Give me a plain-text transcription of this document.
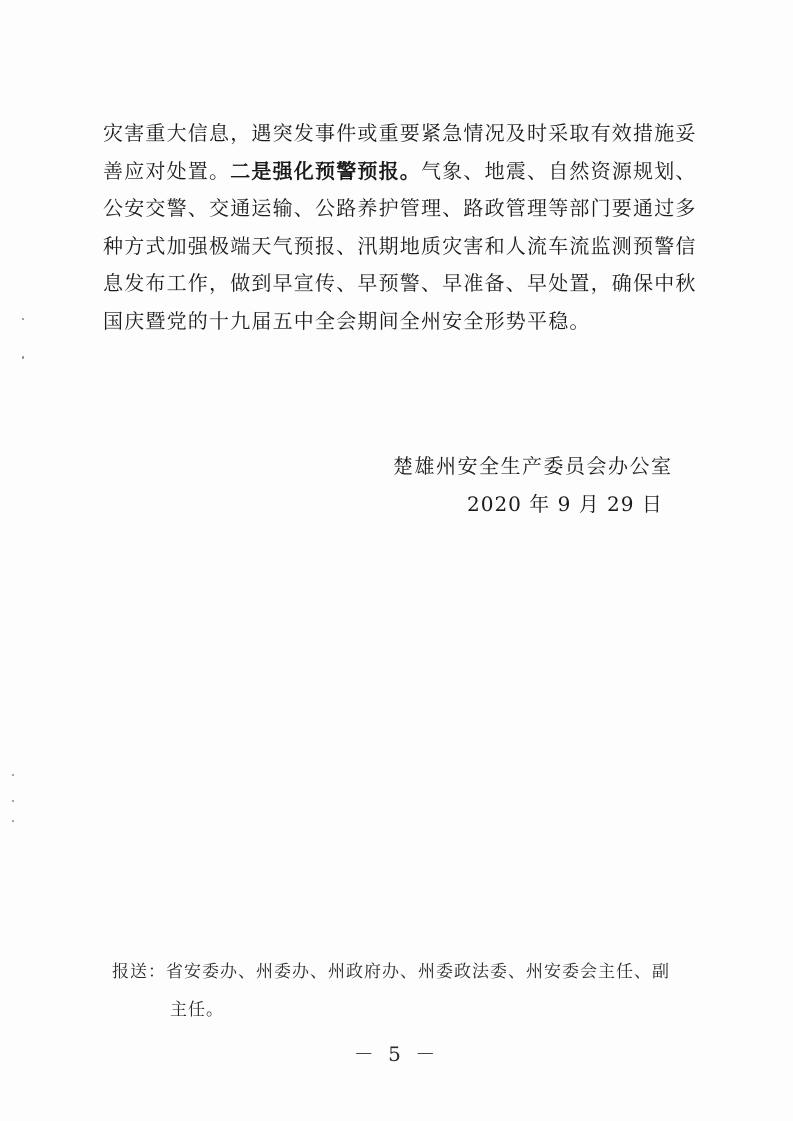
灾害重大信息，遇突发事件或重要紧急情况及时采取有效措施妥
善应对处置。二是强化预警预报。气象、地震、自然资源规划、
公安交警、交通运输、公路养护管理、路政管理等部门要通过多
种方式加强极端天气预报、汛期地质灾害和人流车流监测预警信
息发布工作，做到早宣传、早预警、早准备、早处置，确保中秋
国庆暨党的十九届五中全会期间全州安全形势平稳。
楚雄州安全生产委员会办公室
2020 年 9 月 29 日
报送：省安委办、州委办、州政府办、州委政法委、州安委会主任、副
主任。
－ 5 －
